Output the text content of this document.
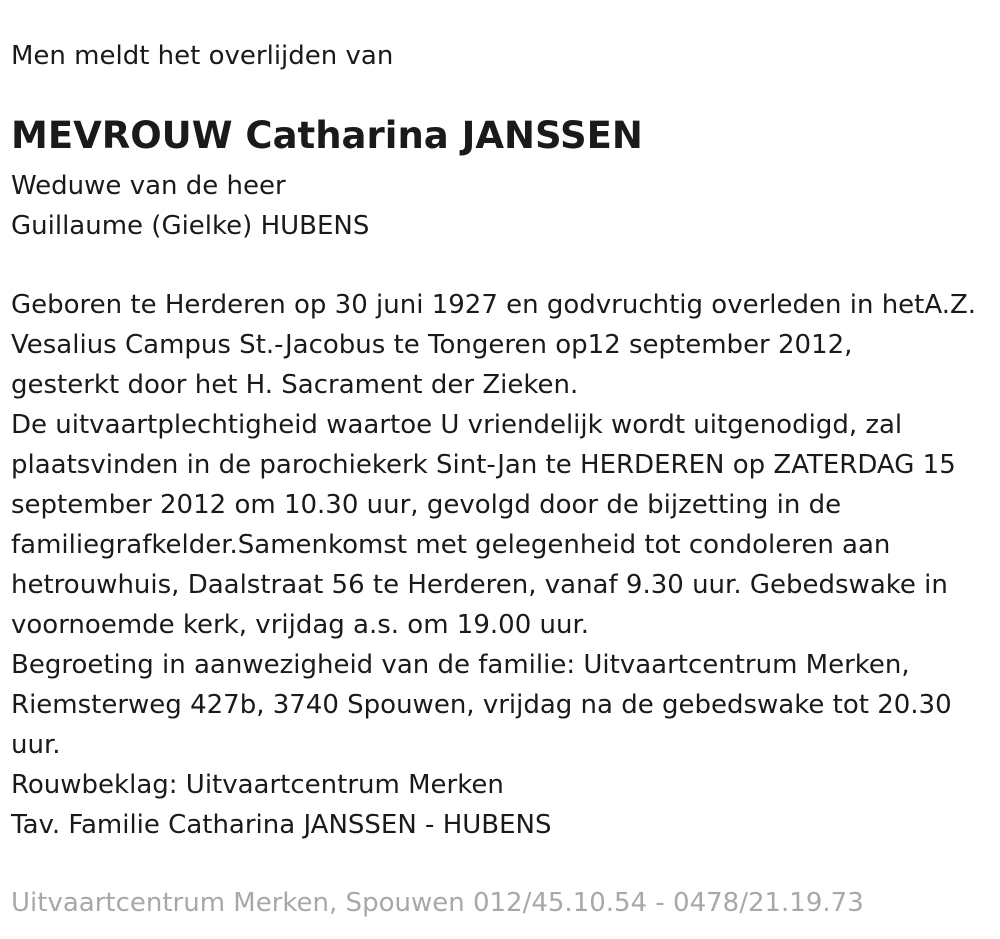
Men meldt het overlijden van
MEVROUW Catharina JANSSEN
Weduwe van de heer
Guillaume (Gielke) HUBENS
Geboren te Herderen op 30 juni 1927 en godvruchtig overleden in hetA.Z.
Vesalius Campus St.-Jacobus te Tongeren op12 september 2012,
gesterkt door het H. Sacrament der Zieken.
De uitvaartplechtigheid waartoe U vriendelijk wordt uitgenodigd, zal
plaatsvinden in de parochiekerk Sint-Jan te HERDEREN op ZATERDAG 15
september 2012 om 10.30 uur, gevolgd door de bijzetting in de
familiegrafkelder.Samenkomst met gelegenheid tot condoleren aan
hetrouwhuis, Daalstraat 56 te Herderen, vanaf 9.30 uur. Gebedswake in
voornoemde kerk, vrijdag a.s. om 19.00 uur.
Begroeting in aanwezigheid van de familie: Uitvaartcentrum Merken,
Riemsterweg 427b, 3740 Spouwen, vrijdag na de gebedswake tot 20.30
uur.
Rouwbeklag: Uitvaartcentrum Merken
Tav. Familie Catharina JANSSEN - HUBENS
Uitvaartcentrum Merken, Spouwen 012/45.10.54 - 0478/21.19.73
